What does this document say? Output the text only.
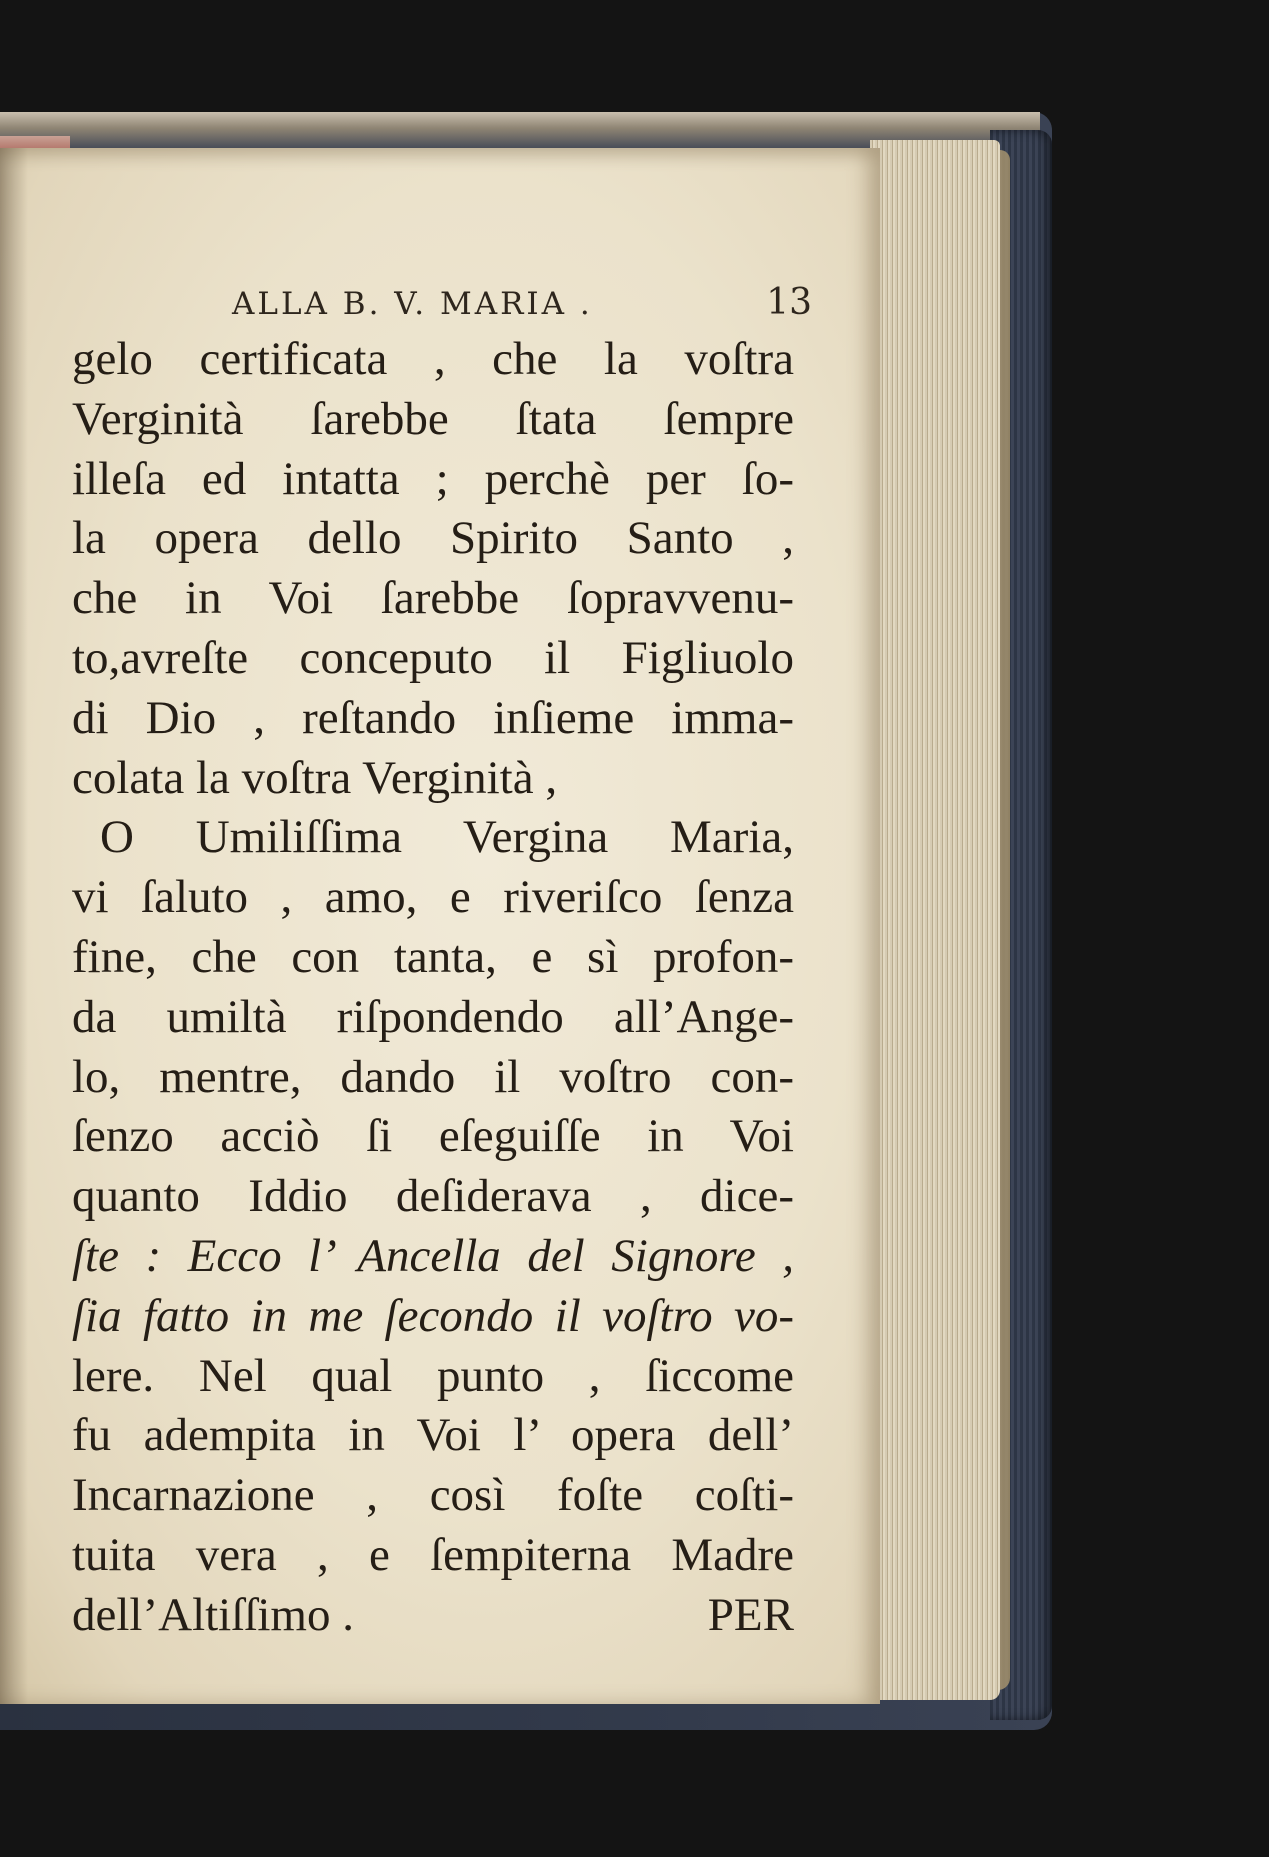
ALLA B. V. MARIA .	13
gelo certificata , che la voſtra
Verginità ſarebbe ſtata ſempre
illeſa ed intatta ; perchè per ſo-
la opera dello Spirito Santo ,
che in Voi ſarebbe ſopravvenu-
to,avreſte conceputo il Figliuolo
di Dio , reſtando inſieme imma-
colata la voſtra Verginità ,
O Umiliſſima Vergina Maria,
vi ſaluto , amo, e riveriſco ſenza
fine, che con tanta, e sì profon-
da umiltà riſpondendo all’Ange-
lo, mentre, dando il voſtro con-
ſenzo acciò ſi eſeguiſſe in Voi
quanto Iddio deſiderava , dice-
ſte : Ecco l’ Ancella del Signore ,
ſia fatto in me ſecondo il voſtro vo-
lere. Nel qual punto , ſiccome
fu adempita in Voi l’ opera dell’
Incarnazione , così foſte coſti-
tuita vera , e ſempiterna Madre
dell’Altiſſimo .	PER
